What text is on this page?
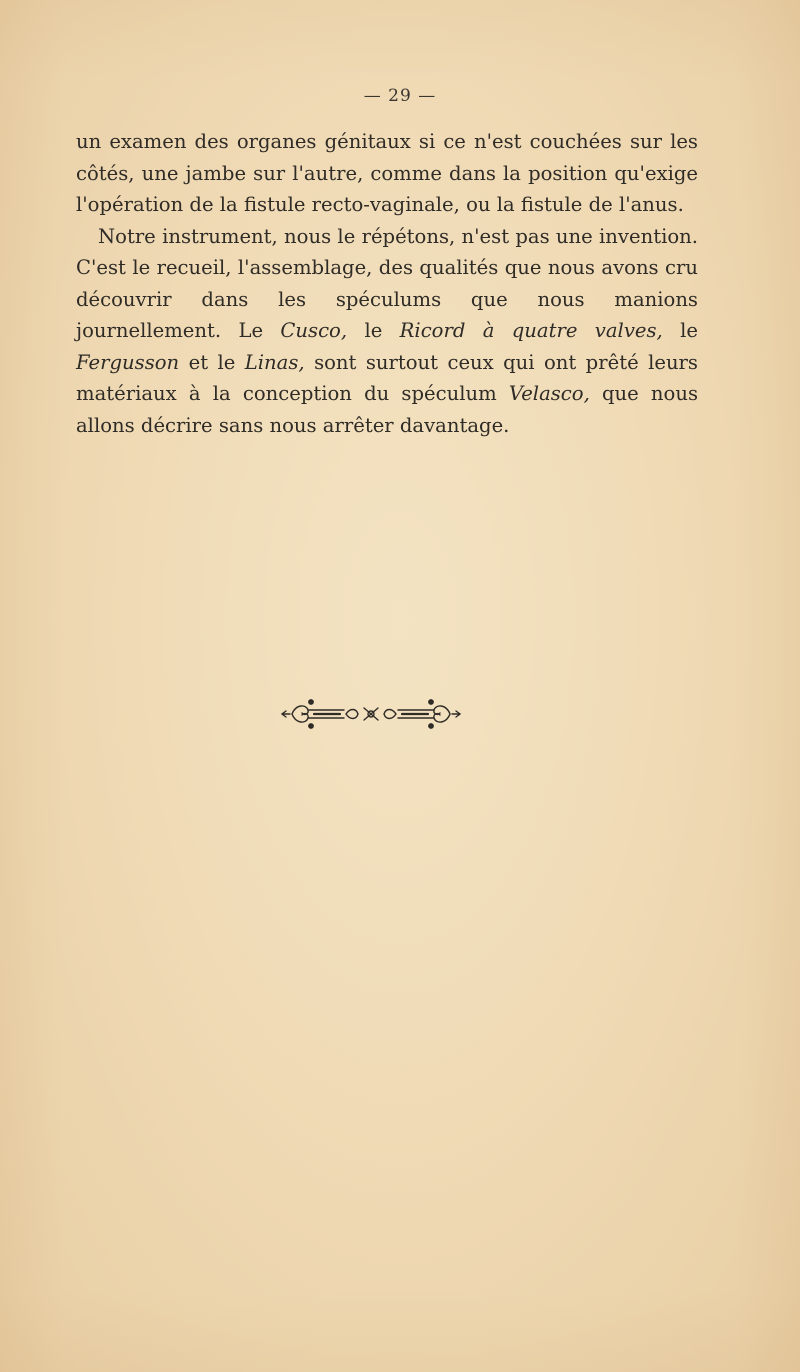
— 29 —

un examen des organes génitaux si ce n'est couchées sur les côtés, une jambe sur l'autre, comme dans la position qu'exige l'opération de la fistule recto-vaginale, ou la fistule de l'anus.

Notre instrument, nous le répétons, n'est pas une invention. C'est le recueil, l'assemblage, des qualités que nous avons cru découvrir dans les spéculums que nous manions journellement. Le Cusco, le Ricord à quatre valves, le Fergusson et le Linas, sont surtout ceux qui ont prêté leurs matériaux à la conception du spéculum Velasco, que nous allons décrire sans nous arrêter davantage.
